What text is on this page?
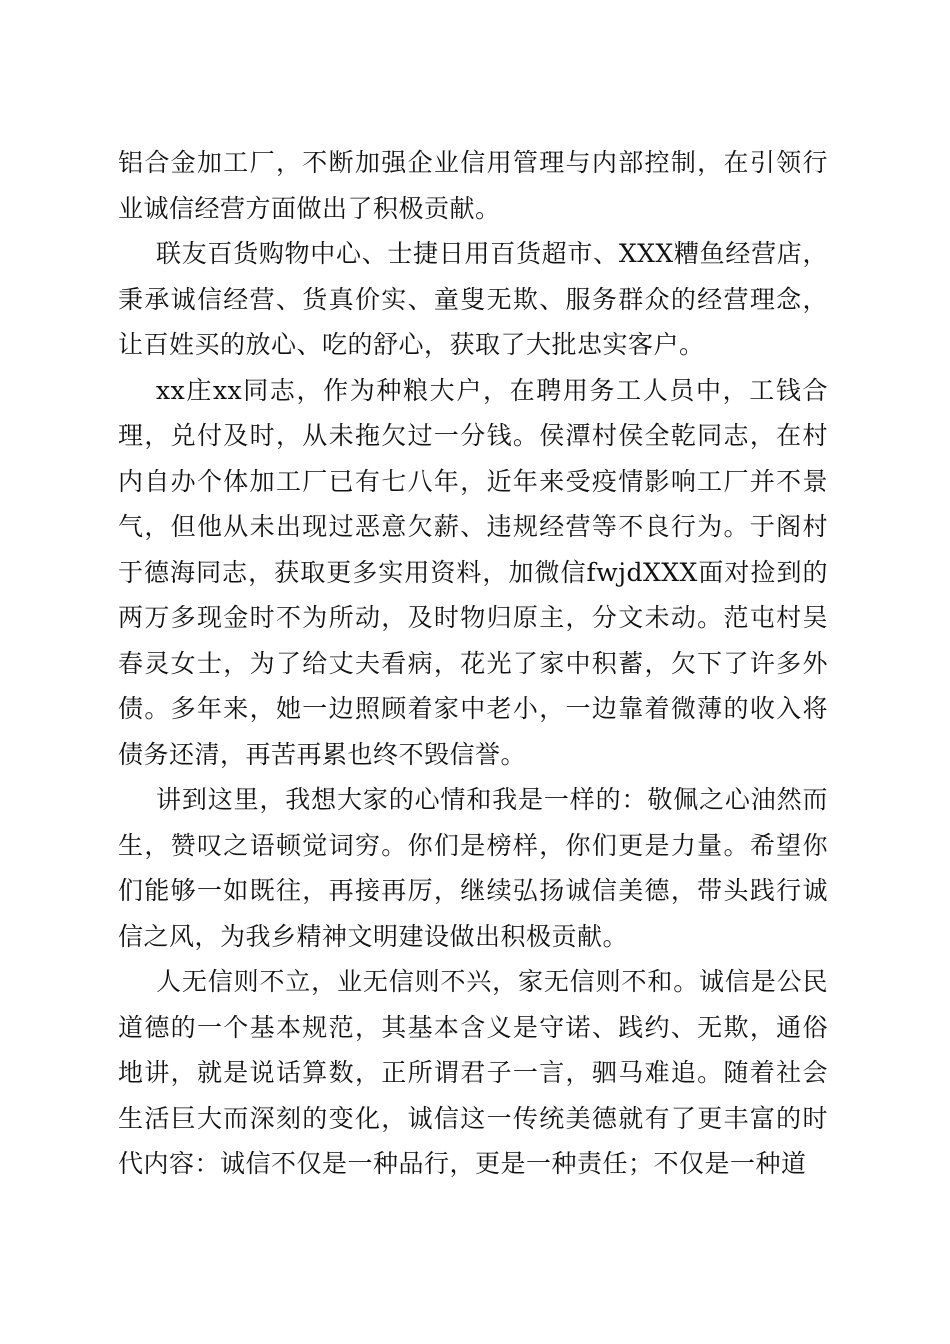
铝合金加工厂，不断加强企业信用管理与内部控制，在引领行业诚信经营方面做出了积极贡献。

联友百货购物中心、士捷日用百货超市、XXX糟鱼经营店，秉承诚信经营、货真价实、童叟无欺、服务群众的经营理念，让百姓买的放心、吃的舒心，获取了大批忠实客户。

xx庄xx同志，作为种粮大户，在聘用务工人员中，工钱合理，兑付及时，从未拖欠过一分钱。侯潭村侯全乾同志，在村内自办个体加工厂已有七八年，近年来受疫情影响工厂并不景气，但他从未出现过恶意欠薪、违规经营等不良行为。于阁村于德海同志，获取更多实用资料，加微信fwjdXXX面对捡到的两万多现金时不为所动，及时物归原主，分文未动。范屯村吴春灵女士，为了给丈夫看病，花光了家中积蓄，欠下了许多外债。多年来，她一边照顾着家中老小，一边靠着微薄的收入将债务还清，再苦再累也终不毁信誉。

讲到这里，我想大家的心情和我是一样的：敬佩之心油然而生，赞叹之语顿觉词穷。你们是榜样，你们更是力量。希望你们能够一如既往，再接再厉，继续弘扬诚信美德，带头践行诚信之风，为我乡精神文明建设做出积极贡献。

人无信则不立，业无信则不兴，家无信则不和。诚信是公民道德的一个基本规范，其基本含义是守诺、践约、无欺，通俗地讲，就是说话算数，正所谓君子一言，驷马难追。随着社会生活巨大而深刻的变化，诚信这一传统美德就有了更丰富的时代内容：诚信不仅是一种品行，更是一种责任；不仅是一种道
